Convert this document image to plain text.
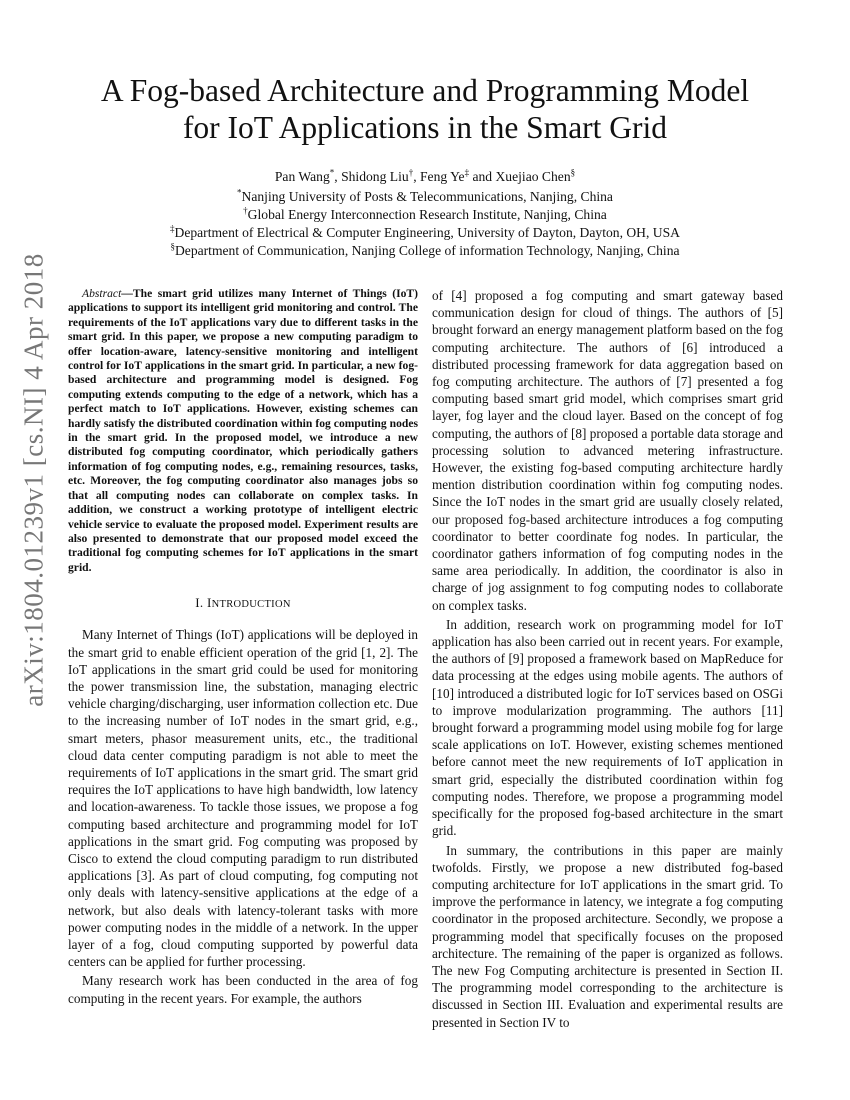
arXiv:1804.01239v1 [cs.NI] 4 Apr 2018
A Fog-based Architecture and Programming Model
for IoT Applications in the Smart Grid
Pan Wang*, Shidong Liu†, Feng Ye‡ and Xuejiao Chen§
*Nanjing University of Posts & Telecommunications, Nanjing, China
†Global Energy Interconnection Research Institute, Nanjing, China
‡Department of Electrical & Computer Engineering, University of Dayton, Dayton, OH, USA
§Department of Communication, Nanjing College of information Technology, Nanjing, China

Abstract—The smart grid utilizes many Internet of Things (IoT) applications to support its intelligent grid monitoring and control. The requirements of the IoT applications vary due to different tasks in the smart grid. In this paper, we propose a new computing paradigm to offer location-aware, latency-sensitive monitoring and intelligent control for IoT applications in the smart grid. In particular, a new fog-based architecture and programming model is designed. Fog computing extends computing to the edge of a network, which has a perfect match to IoT applications. However, existing schemes can hardly satisfy the distributed coordination within fog computing nodes in the smart grid. In the proposed model, we introduce a new distributed fog computing coordinator, which periodically gathers information of fog computing nodes, e.g., remaining resources, tasks, etc. Moreover, the fog computing coordinator also manages jobs so that all computing nodes can collaborate on complex tasks. In addition, we construct a working prototype of intelligent electric vehicle service to evaluate the proposed model. Experiment results are also presented to demonstrate that our proposed model exceed the traditional fog computing schemes for IoT applications in the smart grid.

I. INTRODUCTION

Many Internet of Things (IoT) applications will be deployed in the smart grid to enable efficient operation of the grid [1, 2]. The IoT applications in the smart grid could be used for monitoring the power transmission line, the substation, managing electric vehicle charging/discharging, user information collection etc. Due to the increasing number of IoT nodes in the smart grid, e.g., smart meters, phasor measurement units, etc., the traditional cloud data center computing paradigm is not able to meet the requirements of IoT applications in the smart grid. The smart grid requires the IoT applications to have high bandwidth, low latency and location-awareness. To tackle those issues, we propose a fog computing based architecture and programming model for IoT applications in the smart grid. Fog computing was proposed by Cisco to extend the cloud computing paradigm to run distributed applications [3]. As part of cloud computing, fog computing not only deals with latency-sensitive applications at the edge of a network, but also deals with latency-tolerant tasks with more power computing nodes in the middle of a network. In the upper layer of a fog, cloud computing supported by powerful data centers can be applied for further processing.

Many research work has been conducted in the area of fog computing in the recent years. For example, the authors

of [4] proposed a fog computing and smart gateway based communication design for cloud of things. The authors of [5] brought forward an energy management platform based on the fog computing architecture. The authors of [6] introduced a distributed processing framework for data aggregation based on fog computing architecture. The authors of [7] presented a fog computing based smart grid model, which comprises smart grid layer, fog layer and the cloud layer. Based on the concept of fog computing, the authors of [8] proposed a portable data storage and processing solution to advanced metering infrastructure. However, the existing fog-based computing architecture hardly mention distribution coordination within fog computing nodes. Since the IoT nodes in the smart grid are usually closely related, our proposed fog-based architecture introduces a fog computing coordinator to better coordinate fog nodes. In particular, the coordinator gathers information of fog computing nodes in the same area periodically. In addition, the coordinator is also in charge of jog assignment to fog computing nodes to collaborate on complex tasks.

In addition, research work on programming model for IoT application has also been carried out in recent years. For example, the authors of [9] proposed a framework based on MapReduce for data processing at the edges using mobile agents. The authors of [10] introduced a distributed logic for IoT services based on OSGi to improve modularization programming. The authors [11] brought forward a programming model using mobile fog for large scale applications on IoT. However, existing schemes mentioned before cannot meet the new requirements of IoT application in smart grid, especially the distributed coordination within fog computing nodes. Therefore, we propose a programming model specifically for the proposed fog-based architecture in the smart grid.

In summary, the contributions in this paper are mainly twofolds. Firstly, we propose a new distributed fog-based computing architecture for IoT applications in the smart grid. To improve the performance in latency, we integrate a fog computing coordinator in the proposed architecture. Secondly, we propose a programming model that specifically focuses on the proposed architecture. The remaining of the paper is organized as follows. The new Fog Computing architecture is presented in Section II. The programming model corresponding to the architecture is discussed in Section III. Evaluation and experimental results are presented in Section IV to
